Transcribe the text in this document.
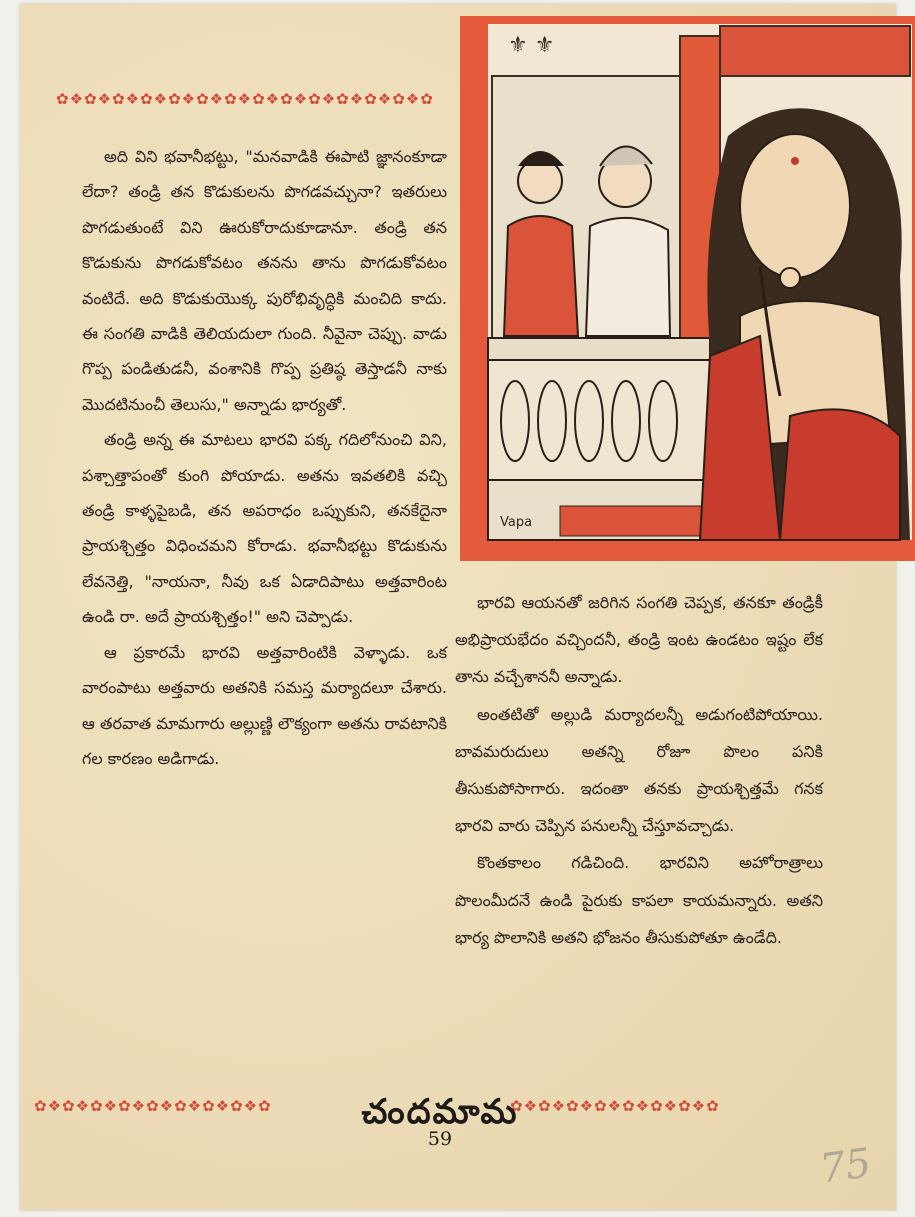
✿❖✿❖✿❖✿❖✿❖✿❖✿❖✿❖✿❖✿❖✿❖✿❖✿❖✿
⚜ ⚜
Vapa

అది విని భవానీభట్టు, "మనవాడికి ఈపాటి జ్ఞానంకూడా లేదా? తండ్రి తన కొడుకులను పొగడవచ్చునా? ఇతరులు పొగడుతుంటే విని ఊరుకోరాదుకూడానూ. తండ్రి తన కొడుకును పొగడుకోవటం తనను తాను పొగడుకోవటం వంటిదే. అది కొడుకుయొక్క పురోభివృద్ధికి మంచిది కాదు. ఈ సంగతి వాడికి తెలియదులా గుంది. నీవైనా చెప్పు. వాడు గొప్ప పండితుడనీ, వంశానికి గొప్ప ప్రతిష్ఠ తెస్తాడనీ నాకు మొదటినుంచీ తెలుసు," అన్నాడు భార్యతో.

తండ్రి అన్న ఈ మాటలు భారవి పక్క గదిలోనుంచి విని, పశ్చాత్తాపంతో కుంగి పోయాడు. అతను ఇవతలికి వచ్చి తండ్రి కాళ్ళపైబడి, తన అపరాధం ఒప్పుకుని, తనకేదైనా ప్రాయశ్చిత్తం విధించమని కోరాడు. భవానీభట్టు కొడుకును లేవనెత్తి, "నాయనా, నీవు ఒక ఏడాదిపాటు అత్తవారింట ఉండి రా. అదే ప్రాయశ్చిత్తం!" అని చెప్పాడు.

ఆ ప్రకారమే భారవి అత్తవారింటికి వెళ్ళాడు. ఒక వారంపాటు అత్తవారు అతనికి సమస్త మర్యాదలూ చేశారు. ఆ తరవాత మామగారు అల్లుణ్ణి లౌక్యంగా అతను రావటానికి గల కారణం అడిగాడు.

భారవి ఆయనతో జరిగిన సంగతి చెప్పక, తనకూ తండ్రికీ అభిప్రాయభేదం వచ్చిందనీ, తండ్రి ఇంట ఉండటం ఇష్టం లేక తాను వచ్చేశాననీ అన్నాడు.

అంతటితో అల్లుడి మర్యాదలన్నీ అడుగంటిపోయాయి. బావమరుదులు అతన్ని రోజూ పొలం పనికి తీసుకుపోసాగారు. ఇదంతా తనకు ప్రాయశ్చిత్తమే గనక భారవి వారు చెప్పిన పనులన్నీ చేస్తూవచ్చాడు.

కొంతకాలం గడిచింది. భారవిని అహోరాత్రాలు పొలంమీదనే ఉండి పైరుకు కాపలా కాయమన్నారు. అతని భార్య పొలానికి అతని భోజనం తీసుకుపోతూ ఉండేది.

✿❖✿❖✿❖✿❖✿❖✿❖✿❖✿❖✿	✿❖✿❖✿❖✿❖✿❖✿❖✿❖✿
చందమామ
59
75
